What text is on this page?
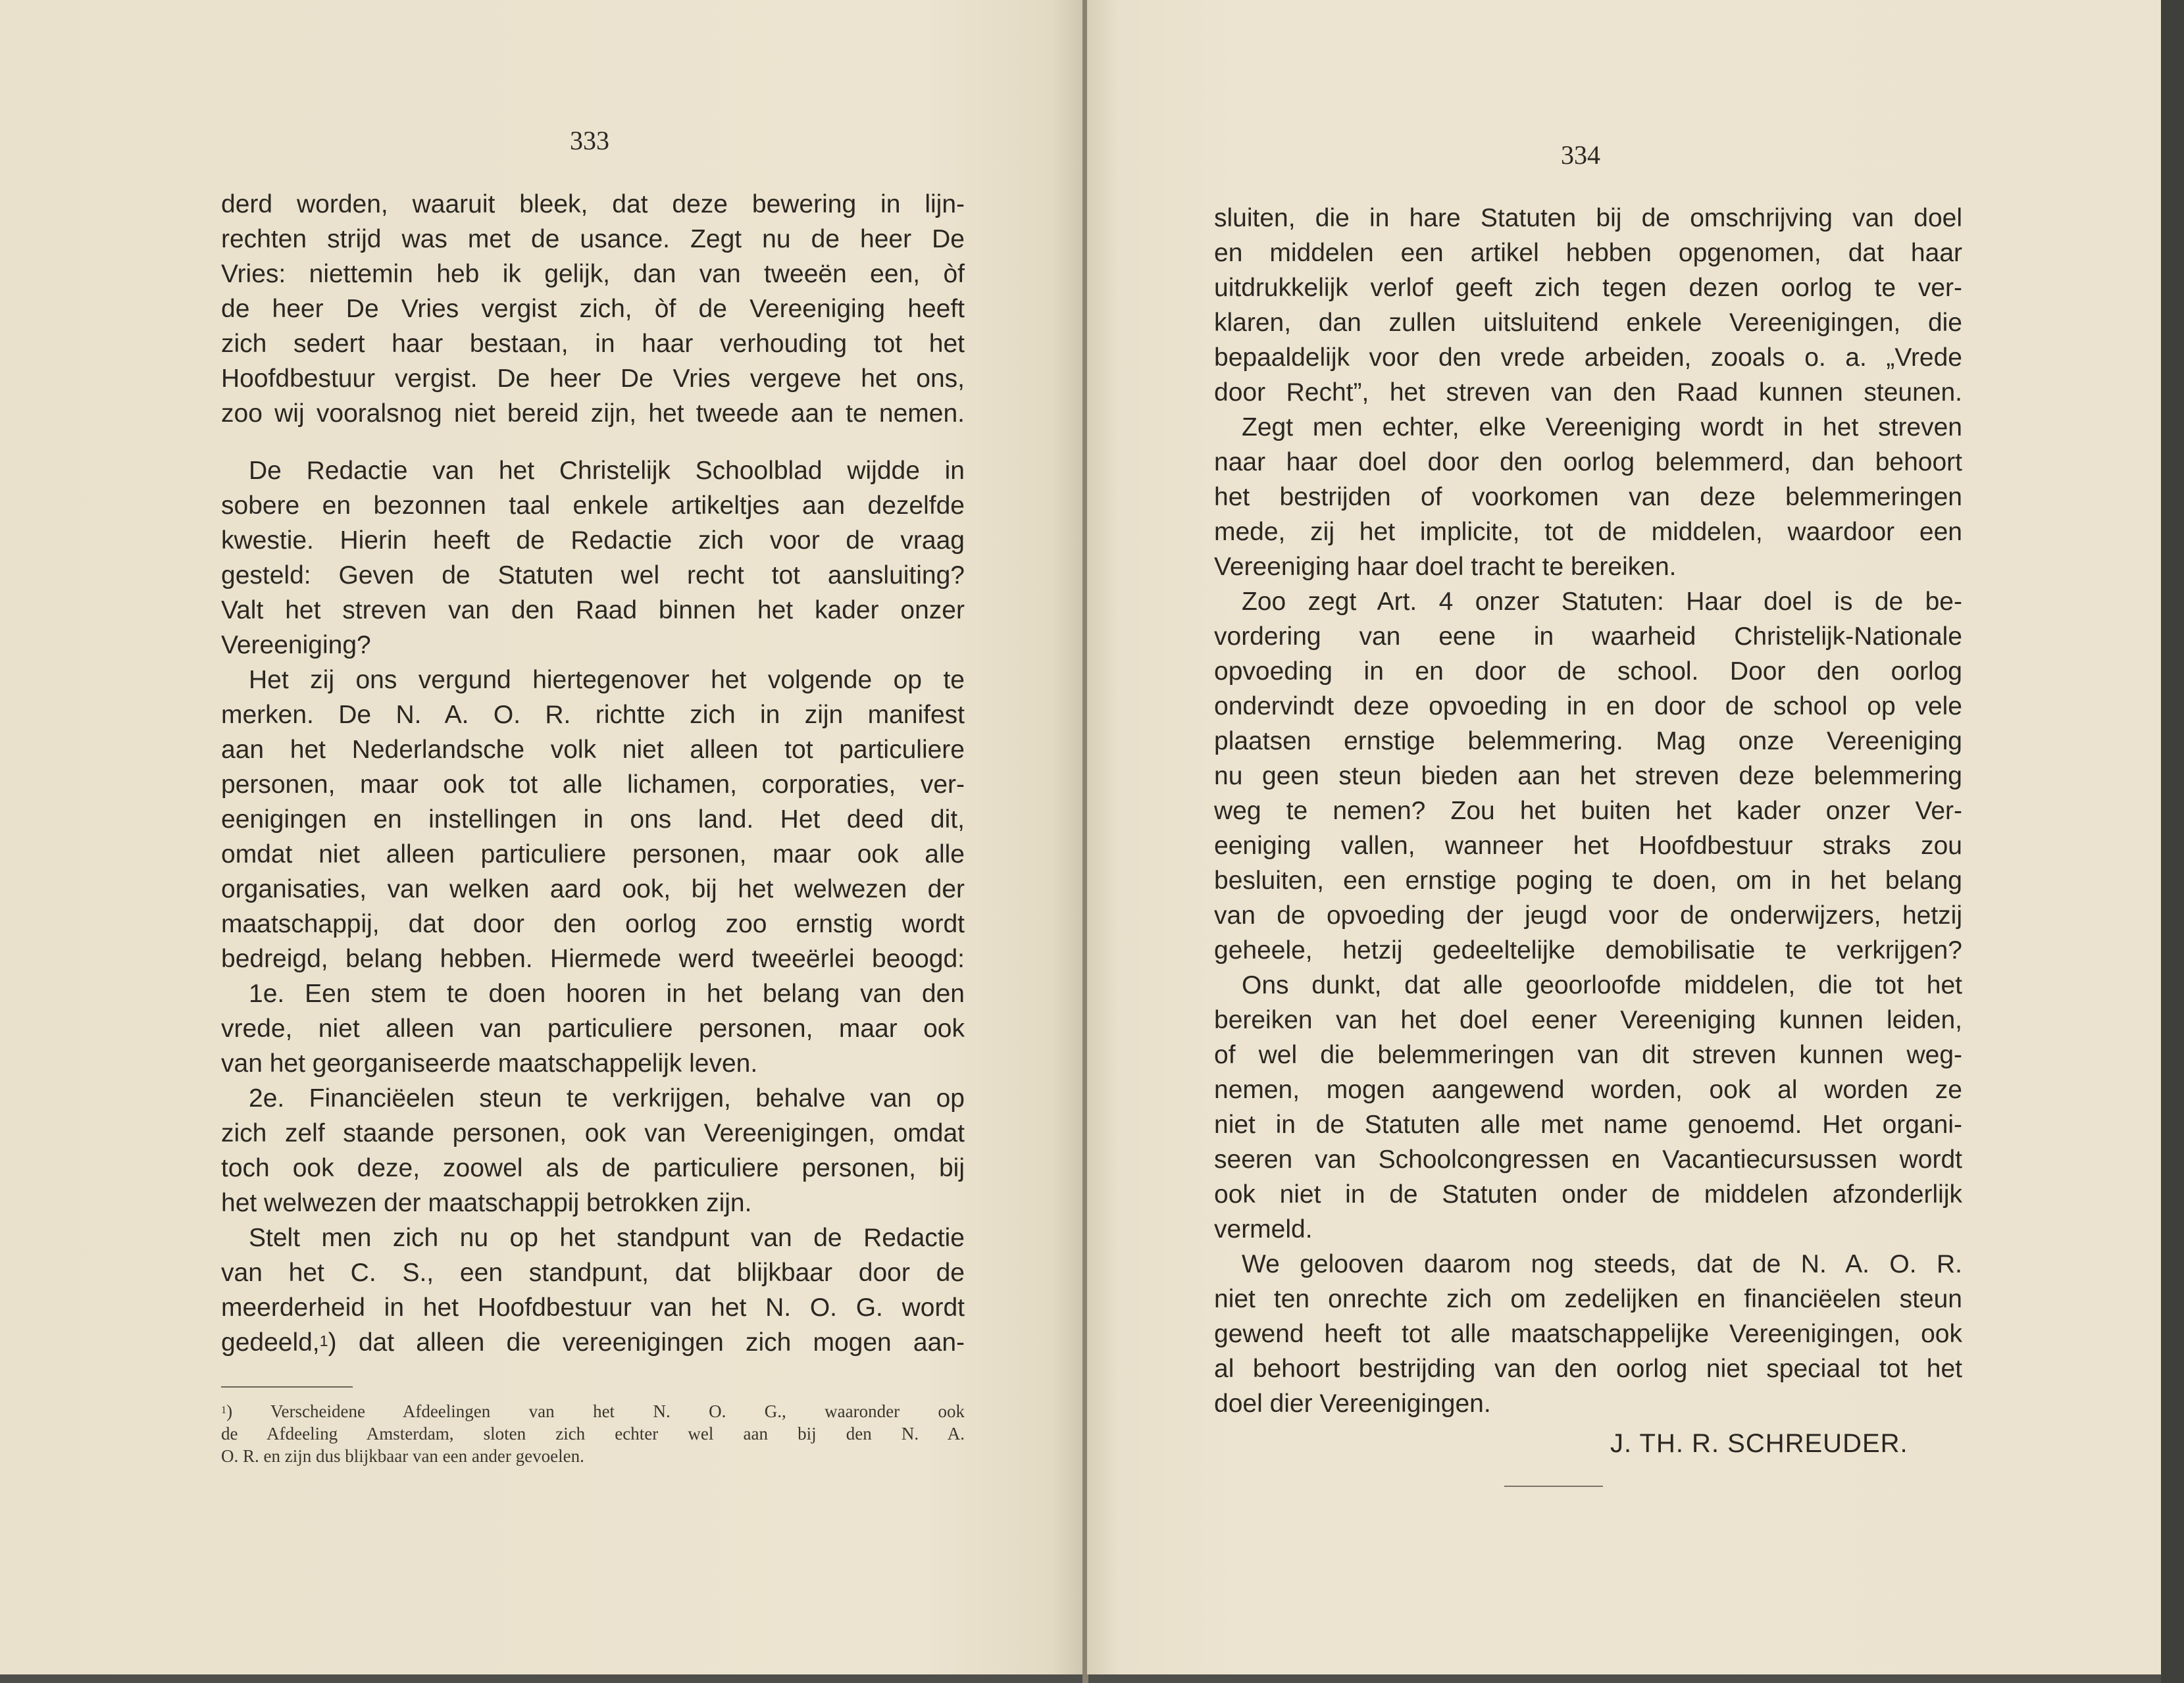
333
derd worden, waaruit bleek, dat deze bewering in lijn-
rechten strijd was met de usance. Zegt nu de heer De
Vries: niettemin heb ik gelijk, dan van tweeën een, òf
de heer De Vries vergist zich, òf de Vereeniging heeft
zich sedert haar bestaan, in haar verhouding tot het
Hoofdbestuur vergist. De heer De Vries vergeve het ons,
zoo wij vooralsnog niet bereid zijn, het tweede aan te nemen.
De Redactie van het Christelijk Schoolblad wijdde in
sobere en bezonnen taal enkele artikeltjes aan dezelfde
kwestie. Hierin heeft de Redactie zich voor de vraag
gesteld: Geven de Statuten wel recht tot aansluiting?
Valt het streven van den Raad binnen het kader onzer
Vereeniging?
Het zij ons vergund hiertegenover het volgende op te
merken. De N. A. O. R. richtte zich in zijn manifest
aan het Nederlandsche volk niet alleen tot particuliere
personen, maar ook tot alle lichamen, corporaties, ver-
eenigingen en instellingen in ons land. Het deed dit,
omdat niet alleen particuliere personen, maar ook alle
organisaties, van welken aard ook, bij het welwezen der
maatschappij, dat door den oorlog zoo ernstig wordt
bedreigd, belang hebben. Hiermede werd tweeërlei beoogd:
1e. Een stem te doen hooren in het belang van den
vrede, niet alleen van particuliere personen, maar ook
van het georganiseerde maatschappelijk leven.
2e. Financiëelen steun te verkrijgen, behalve van op
zich zelf staande personen, ook van Vereenigingen, omdat
toch ook deze, zoowel als de particuliere personen, bij
het welwezen der maatschappij betrokken zijn.
Stelt men zich nu op het standpunt van de Redactie
van het C. S., een standpunt, dat blijkbaar door de
meerderheid in het Hoofdbestuur van het N. O. G. wordt
gedeeld,$^1$) dat alleen die vereenigingen zich mogen aan-
$^1$) Verscheidene Afdeelingen van het N. O. G., waaronder ook
de Afdeeling Amsterdam, sloten zich echter wel aan bij den N. A.
O. R. en zijn dus blijkbaar van een ander gevoelen.
334
sluiten, die in hare Statuten bij de omschrijving van doel
en middelen een artikel hebben opgenomen, dat haar
uitdrukkelijk verlof geeft zich tegen dezen oorlog te ver-
klaren, dan zullen uitsluitend enkele Vereenigingen, die
bepaaldelijk voor den vrede arbeiden, zooals o. a. „Vrede
door Recht”, het streven van den Raad kunnen steunen.
Zegt men echter, elke Vereeniging wordt in het streven
naar haar doel door den oorlog belemmerd, dan behoort
het bestrijden of voorkomen van deze belemmeringen
mede, zij het implicite, tot de middelen, waardoor een
Vereeniging haar doel tracht te bereiken.
Zoo zegt Art. 4 onzer Statuten: Haar doel is de be-
vordering van eene in waarheid Christelijk-Nationale
opvoeding in en door de school. Door den oorlog
ondervindt deze opvoeding in en door de school op vele
plaatsen ernstige belemmering. Mag onze Vereeniging
nu geen steun bieden aan het streven deze belemmering
weg te nemen? Zou het buiten het kader onzer Ver-
eeniging vallen, wanneer het Hoofdbestuur straks zou
besluiten, een ernstige poging te doen, om in het belang
van de opvoeding der jeugd voor de onderwijzers, hetzij
geheele, hetzij gedeeltelijke demobilisatie te verkrijgen?
Ons dunkt, dat alle geoorloofde middelen, die tot het
bereiken van het doel eener Vereeniging kunnen leiden,
of wel die belemmeringen van dit streven kunnen weg-
nemen, mogen aangewend worden, ook al worden ze
niet in de Statuten alle met name genoemd. Het organi-
seeren van Schoolcongressen en Vacantiecursussen wordt
ook niet in de Statuten onder de middelen afzonderlijk
vermeld.
We gelooven daarom nog steeds, dat de N. A. O. R.
niet ten onrechte zich om zedelijken en financiëelen steun
gewend heeft tot alle maatschappelijke Vereenigingen, ook
al behoort bestrijding van den oorlog niet speciaal tot het
doel dier Vereenigingen.
J. TH. R. SCHREUDER.
